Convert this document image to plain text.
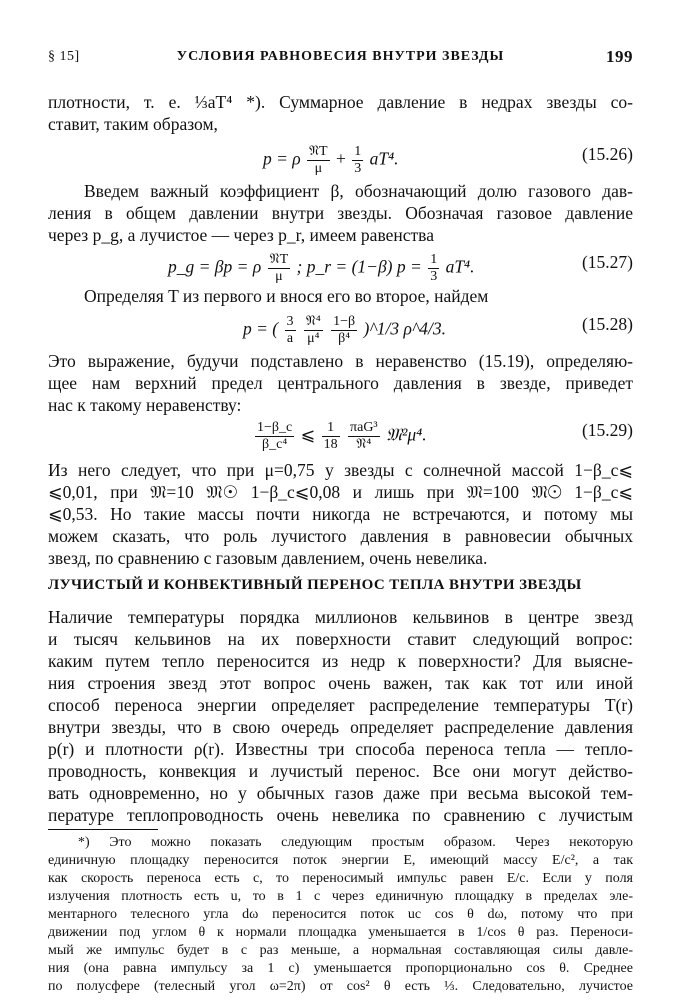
§ 15]	УСЛОВИЯ РАВНОВЕСИЯ ВНУТРИ ЗВЕЗДЫ	199
плотности, т. е. ⅓aT⁴ *). Суммарное давление в недрах звезды со-
ставит, таким образом,
p = ρ $\frac{\text{𝔑T}}{\mu} + \frac{1}{3} aT^4$.	(15.26)
Введем важный коэффициент β, обозначающий долю газового дав-
ления в общем давлении внутри звезды. Обозначая газовое давление
через p_g, а лучистое — через p_r, имеем равенства
p_g = βp = ρ $\frac{\text{𝔑T}}{\mu}$ ; p_r = (1−β) $p = \frac{1}{3} aT^4$.	(15.27)
Определяя T из первого и внося его во второе, найдем
p = ( $\frac{3}{a}$
$\frac{\text{𝔑⁴}}{\text{μ⁴}}$
$\frac{1-\beta}{\text{β⁴}}$ )^1/3 ρ^4/3.	(15.28)
Это выражение, будучи подставлено в неравенство (15.19), определяю-
щее нам верхний предел центрального давления в звезде, приведет
нас к такому неравенству:
$\frac{1-\beta\_c}{\text{β\_c⁴}}$ ⩽ $\frac{1}{18}$
$\frac{\text{πaG³}}{\text{𝔑⁴}}$ 𝔐²μ⁴.	(15.29)
Из него следует, что при μ=0,75 у звезды с солнечной массой 1−β_c⩽
⩽0,01, при 𝔐=10 𝔐☉ 1−β_c⩽0,08 и лишь при 𝔐=100 𝔐☉ 1−β_c⩽
⩽0,53. Но такие массы почти никогда не встречаются, и потому мы
можем сказать, что роль лучистого давления в равновесии обычных
звезд, по сравнению с газовым давлением, очень невелика.
ЛУЧИСТЫЙ И КОНВЕКТИВНЫЙ ПЕРЕНОС ТЕПЛА ВНУТРИ ЗВЕЗДЫ
Наличие температуры порядка миллионов кельвинов в центре звезд
и тысяч кельвинов на их поверхности ставит следующий вопрос:
каким путем тепло переносится из недр к поверхности? Для выясне-
ния строения звезд этот вопрос очень важен, так как тот или иной
способ переноса энергии определяет распределение температуры T(r)
внутри звезды, что в свою очередь определяет распределение давления
p(r) и плотности ρ(r). Известны три способа переноса тепла — тепло-
проводность, конвекция и лучистый перенос. Все они могут действо-
вать одновременно, но у обычных газов даже при весьма высокой тем-
пературе теплопроводность очень невелика по сравнению с лучистым
*) Это можно показать следующим простым образом. Через некоторую
единичную площадку переносится поток энергии E, имеющий массу E/c², а так
как скорость переноса есть c, то переносимый импульс равен E/c. Если у поля
излучения плотность есть u, то в 1 с через единичную площадку в пределах эле-
ментарного телесного угла dω переносится поток uc cos θ dω, потому что при
движении под углом θ к нормали площадка уменьшается в 1/cos θ раз. Переноси-
мый же импульс будет в c раз меньше, а нормальная составляющая силы давле-
ния (она равна импульсу за 1 с) уменьшается пропорционально cos θ. Среднее
по полусфере (телесный угол ω=2π) от cos² θ есть ⅓. Следовательно, лучистое
